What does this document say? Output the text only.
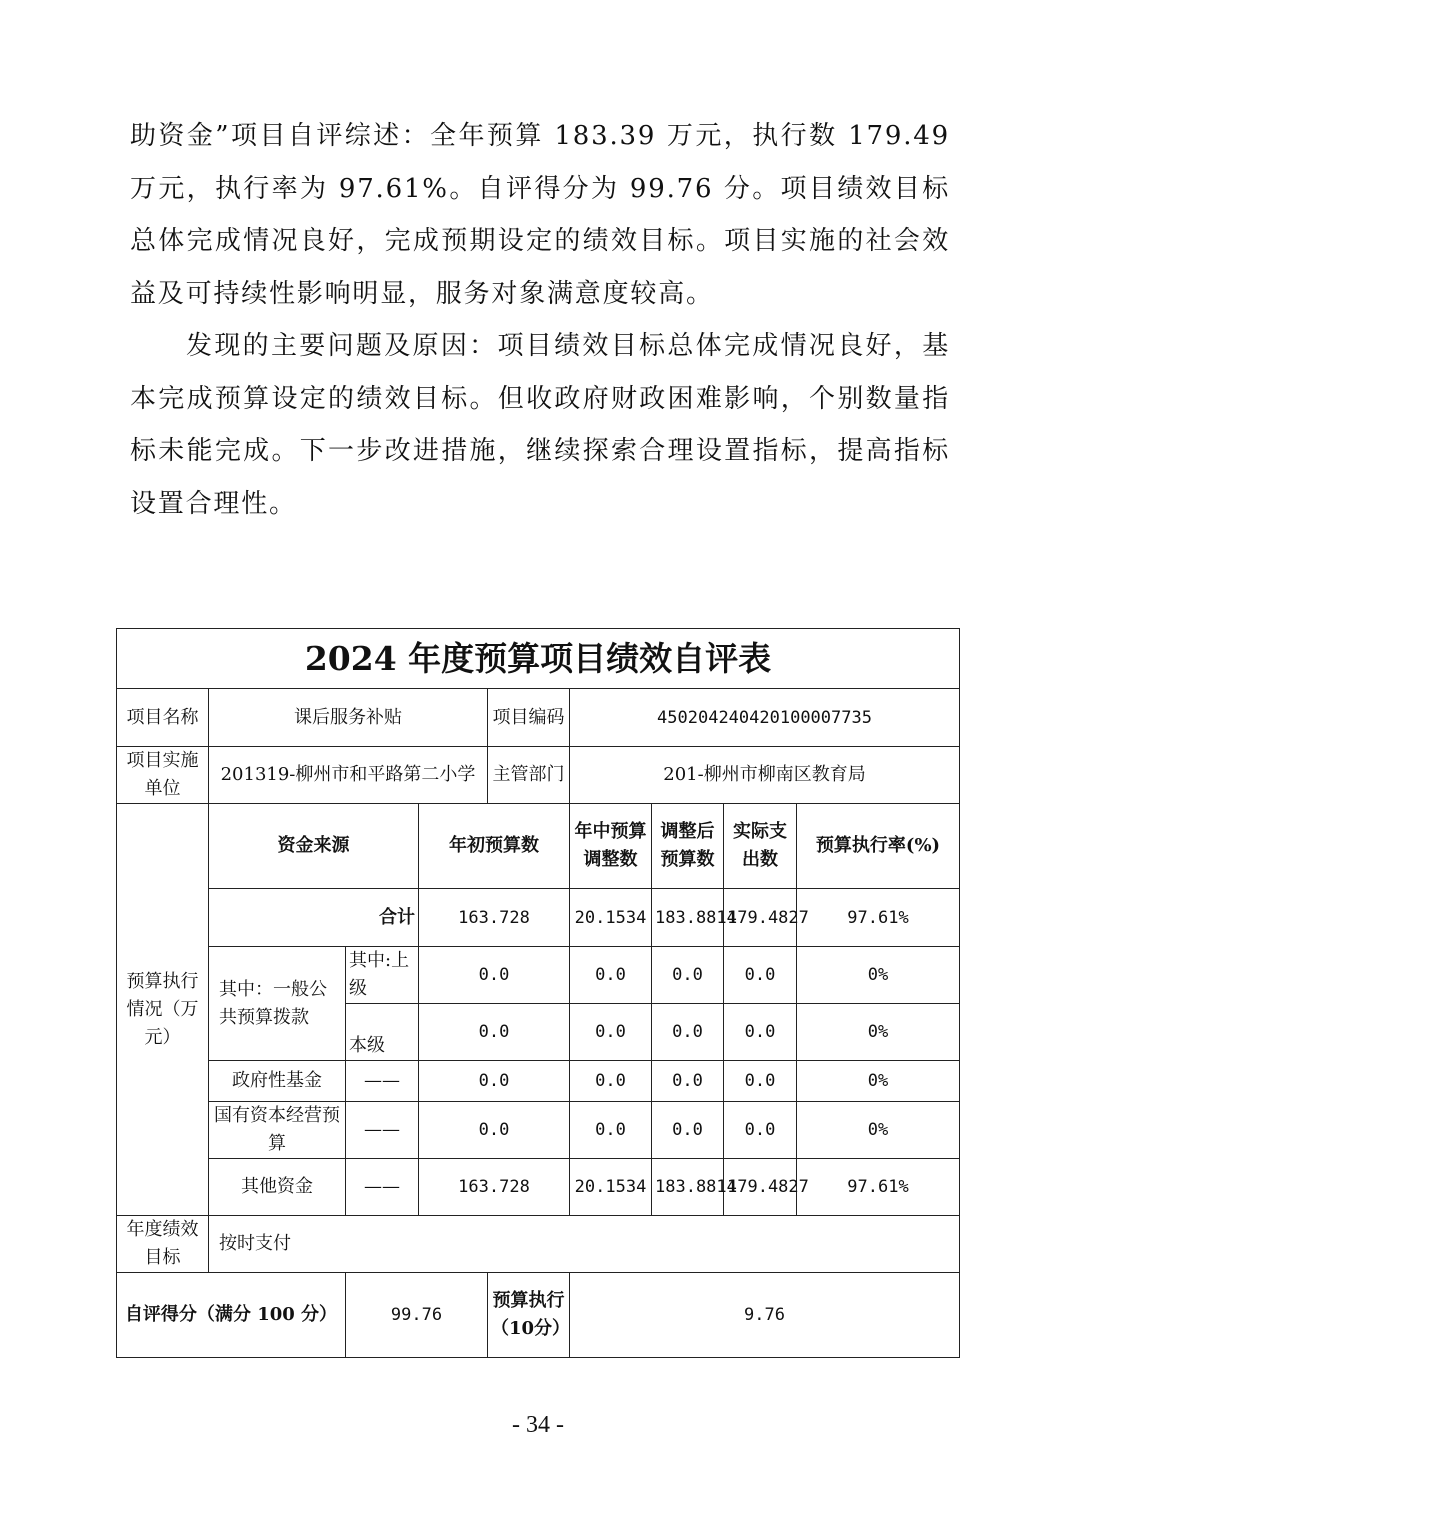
助资金”项目自评综述：全年预算 183.39 万元，执行数 179.49 万元，执行率为 97.61%。自评得分为 99.76 分。项目绩效目标总体完成情况良好，完成预期设定的绩效目标。项目实施的社会效益及可持续性影响明显，服务对象满意度较高。

发现的主要问题及原因：项目绩效目标总体完成情况良好，基本完成预算设定的绩效目标。但收政府财政困难影响，个别数量指标未能完成。下一步改进措施，继续探索合理设置指标，提高指标设置合理性。

2024 年度预算项目绩效自评表								
项目名称	课后服务补贴			项目编码	450204240420100007735			
项目实施单位	201319-柳州市和平路第二小学			主管部门	201-柳州市柳南区教育局			
预算执行情况（万元）	资金来源		年初预算数		年中预算调整数	调整后预算数	实际支出数	预算执行率(%)
	合计		163.728		20.1534	183.8814	179.4827	97.61%
	其中：一般公共预算拨款	其中:上级	0.0		0.0	0.0	0.0	0%
		本级	0.0		0.0	0.0	0.0	0%
	政府性基金	——	0.0		0.0	0.0	0.0	0%
	国有资本经营预算	——	0.0		0.0	0.0	0.0	0%
	其他资金	——	163.728		20.1534	183.8814	179.4827	97.61%
年度绩效目标	按时支付							
自评得分（满分 100 分）		99.76		预算执行（10分）	9.76			
- 34 -
